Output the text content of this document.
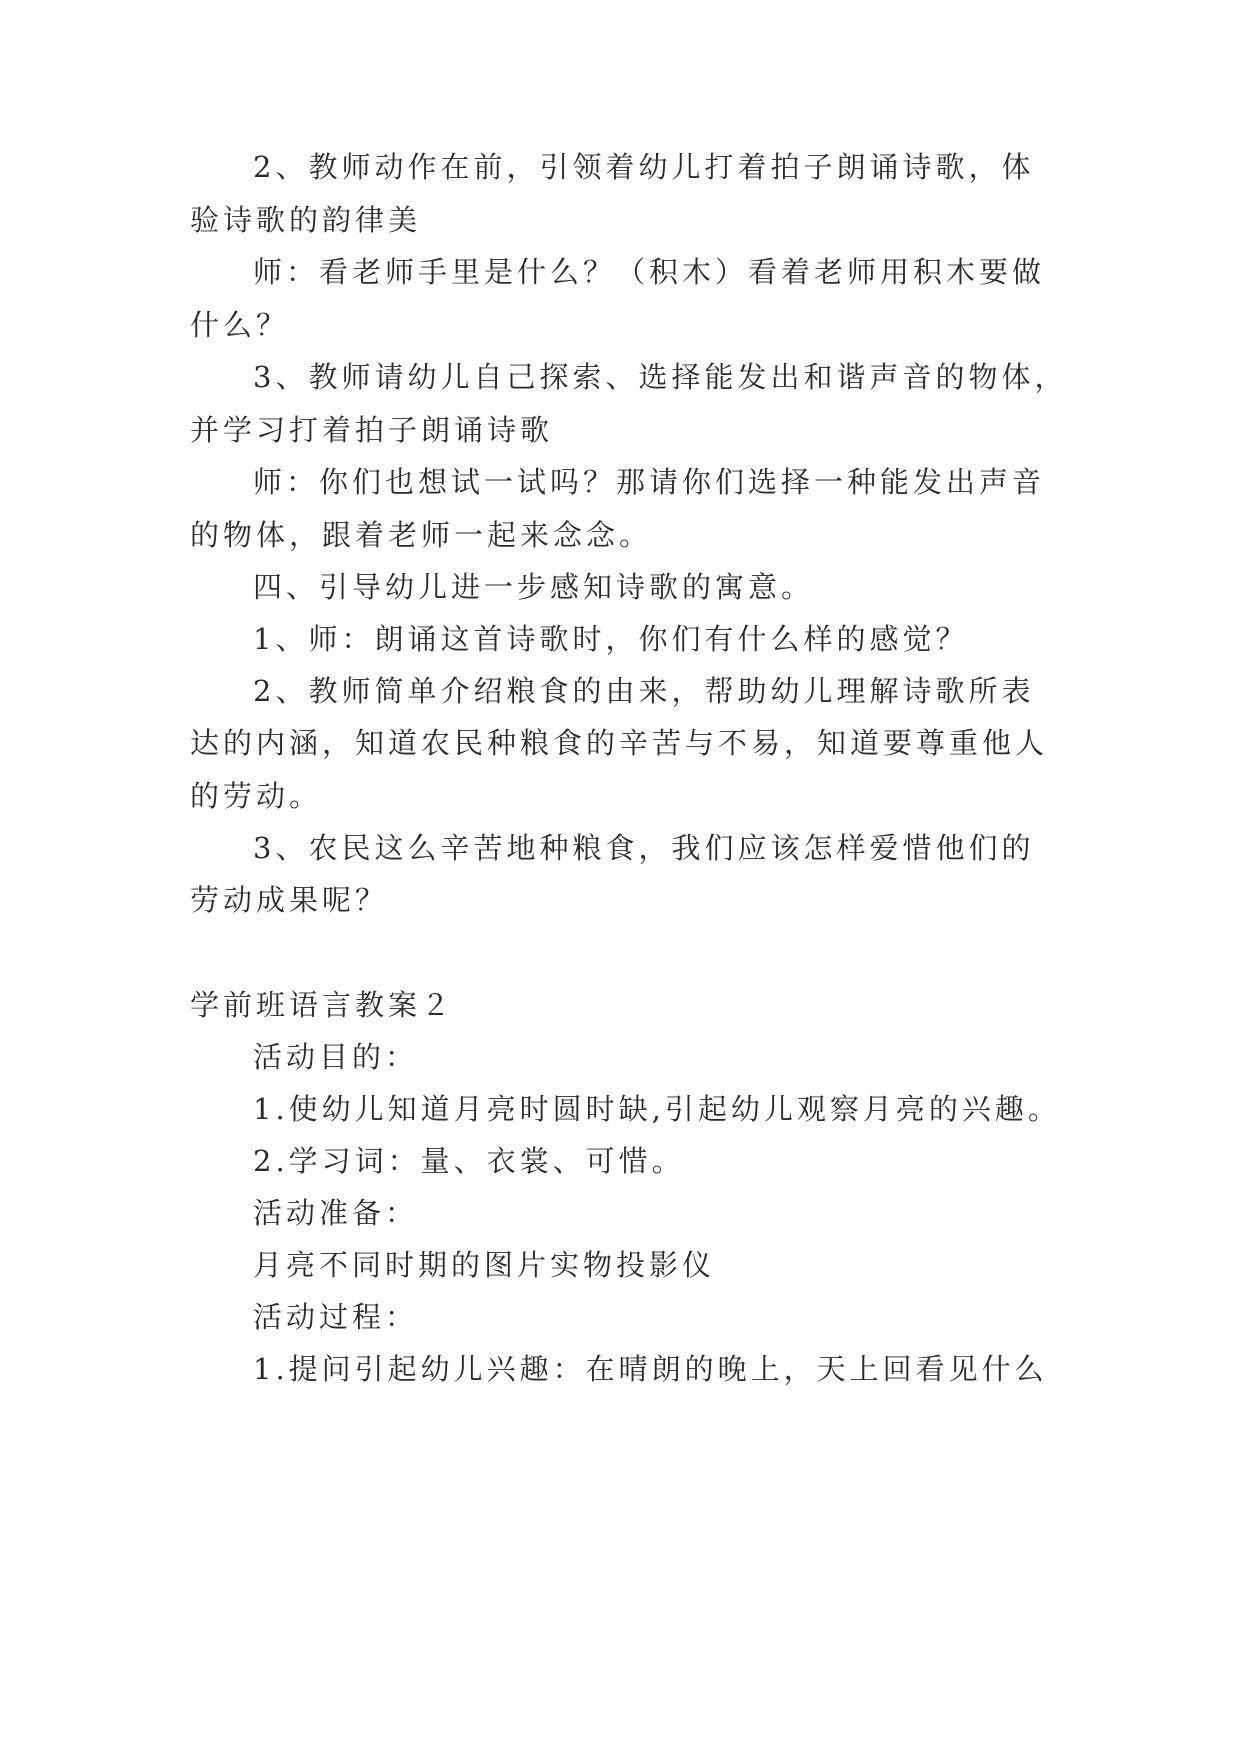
2、教师动作在前，引领着幼儿打着拍子朗诵诗歌，体
验诗歌的韵律美
师：看老师手里是什么？（积木）看着老师用积木要做
什么？
3、教师请幼儿自己探索、选择能发出和谐声音的物体，
并学习打着拍子朗诵诗歌
师：你们也想试一试吗？那请你们选择一种能发出声音
的物体，跟着老师一起来念念。
四、引导幼儿进一步感知诗歌的寓意。
1、师：朗诵这首诗歌时，你们有什么样的感觉？
2、教师简单介绍粮食的由来，帮助幼儿理解诗歌所表
达的内涵，知道农民种粮食的辛苦与不易，知道要尊重他人
的劳动。
3、农民这么辛苦地种粮食，我们应该怎样爱惜他们的
劳动成果呢？
学前班语言教案２
活动目的：
1.使幼儿知道月亮时圆时缺,引起幼儿观察月亮的兴趣。
2.学习词：量、衣裳、可惜。
活动准备：
月亮不同时期的图片实物投影仪
活动过程：
1.提问引起幼儿兴趣：在晴朗的晚上，天上回看见什么
